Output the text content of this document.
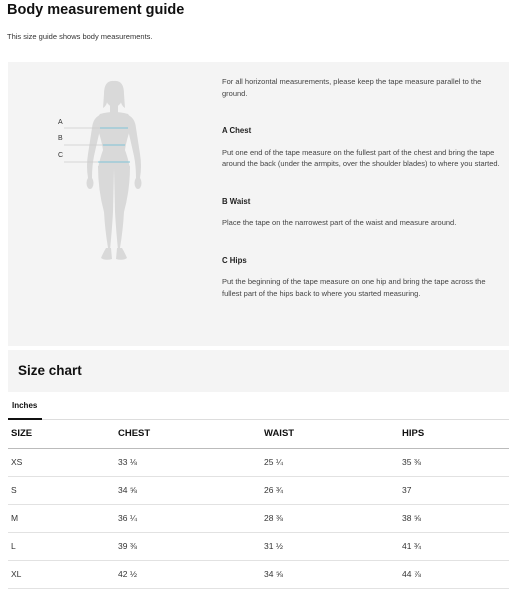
Body measurement guide
This size guide shows body measurements.
A
B
C

For all horizontal measurements, please keep the tape measure parallel to the ground.

A Chest

Put one end of the tape measure on the fullest part of the chest and bring the tape around the back (under the armpits, over the shoulder blades) to where you started.

B Waist

Place the tape on the narrowest part of the waist and measure around.

C Hips

Put the beginning of the tape measure on one hip and bring the tape across the fullest part of the hips back to where you started measuring.

Size chart
Inches
SIZE	CHEST	WAIST	HIPS
XS	33 ⅛	25 ¼	35 ⅜
S	34 ⅝	26 ¾	37
M	36 ¼	28 ⅜	38 ⅝
L	39 ⅜	31 ½	41 ¾
XL	42 ½	34 ⅝	44 ⅞
